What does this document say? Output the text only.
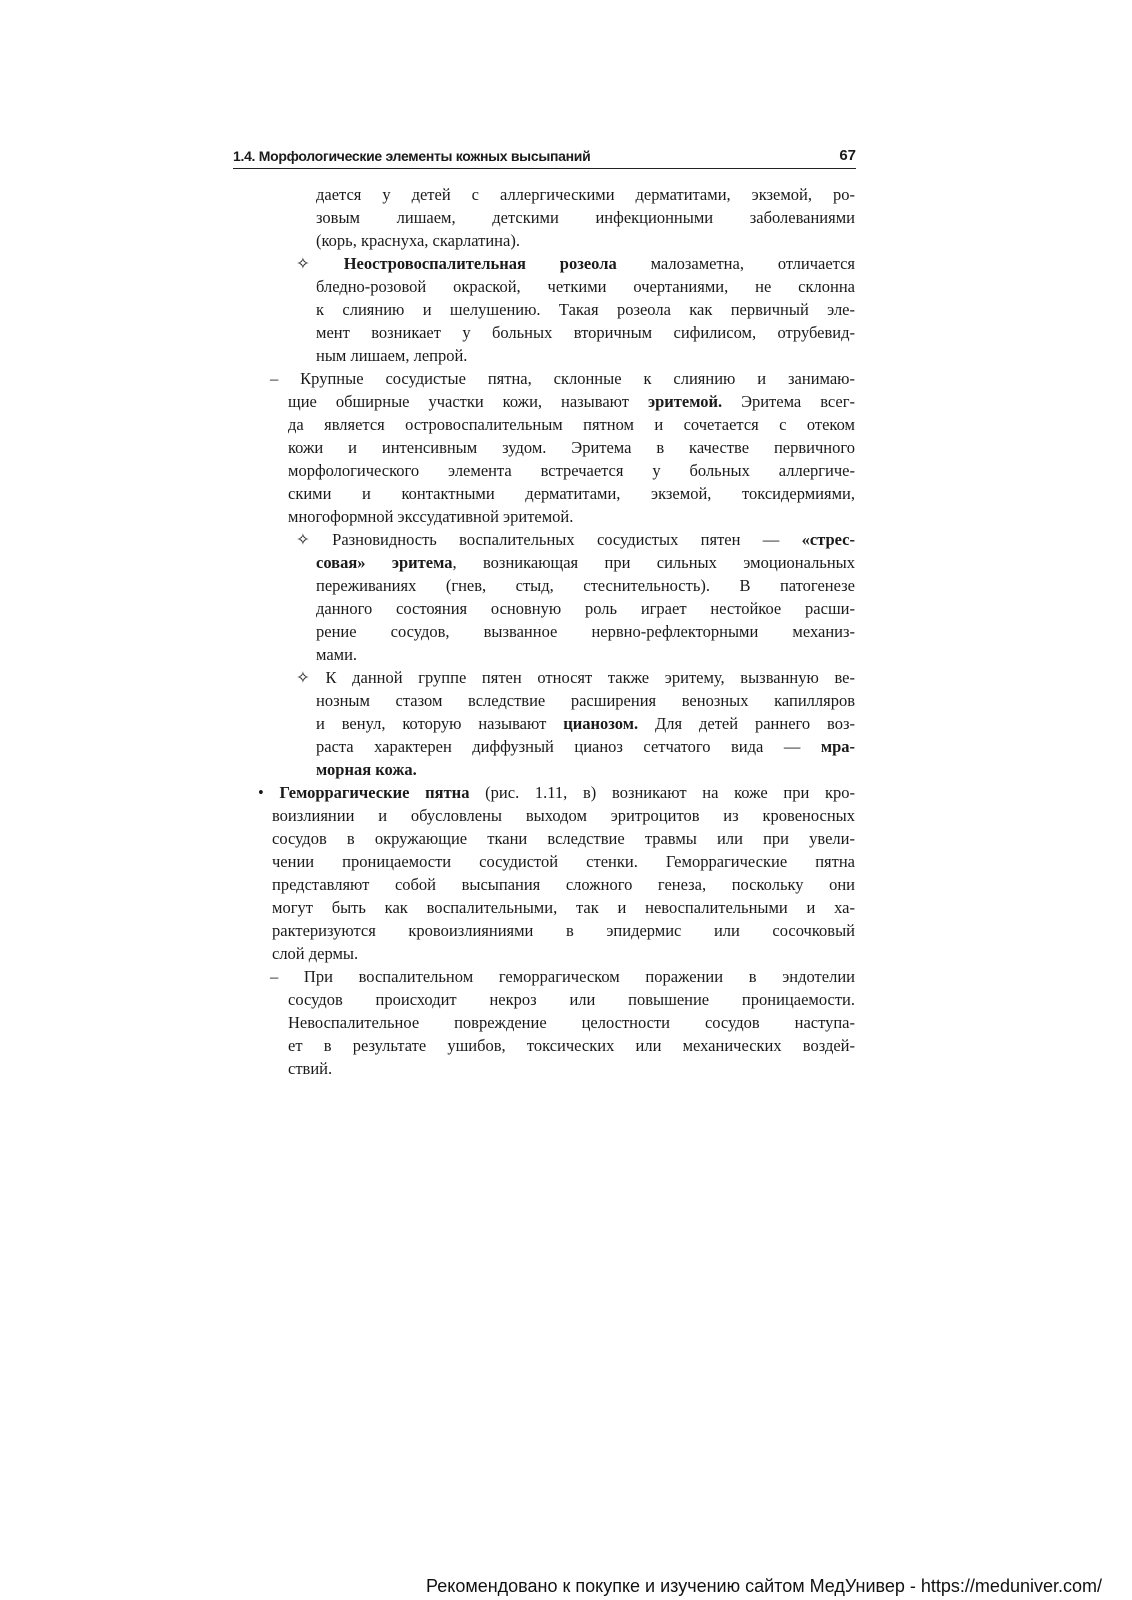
1.4. Морфологические элементы кожных высыпаний	67
дается у детей с аллергическими дерматитами, экземой, ро-
зовым лишаем, детскими инфекционными заболеваниями
(корь, краснуха, скарлатина).
✧ Неостровоспалительная розеола малозаметна, отличается
бледно-розовой окраской, четкими очертаниями, не склонна
к слиянию и шелушению. Такая розеола как первичный эле-
мент возникает у больных вторичным сифилисом, отрубевид-
ным лишаем, лепрой.
– Крупные сосудистые пятна, склонные к слиянию и занимаю-
щие обширные участки кожи, называют эритемой. Эритема всег-
да является островоспалительным пятном и сочетается с отеком
кожи и интенсивным зудом. Эритема в качестве первичного
морфологического элемента встречается у больных аллергиче-
скими и контактными дерматитами, экземой, токсидермиями,
многоформной экссудативной эритемой.
✧ Разновидность воспалительных сосудистых пятен — «стрес-
совая» эритема, возникающая при сильных эмоциональных
переживаниях (гнев, стыд, стеснительность). В патогенезе
данного состояния основную роль играет нестойкое расши-
рение сосудов, вызванное нервно-рефлекторными механиз-
мами.
✧ К данной группе пятен относят также эритему, вызванную ве-
нозным стазом вследствие расширения венозных капилляров
и венул, которую называют цианозом. Для детей раннего воз-
раста характерен диффузный цианоз сетчатого вида — мра-
морная кожа.
• Геморрагические пятна (рис. 1.11, в) возникают на коже при кро-
воизлиянии и обусловлены выходом эритроцитов из кровеносных
сосудов в окружающие ткани вследствие травмы или при увели-
чении проницаемости сосудистой стенки. Геморрагические пятна
представляют собой высыпания сложного генеза, поскольку они
могут быть как воспалительными, так и невоспалительными и ха-
рактеризуются кровоизлияниями в эпидермис или сосочковый
слой дермы.
– При воспалительном геморрагическом поражении в эндотелии
сосудов происходит некроз или повышение проницаемости.
Невоспалительное повреждение целостности сосудов наступа-
ет в результате ушибов, токсических или механических воздей-
ствий.
Рекомендовано к покупке и изучению сайтом МедУнивер - https://meduniver.com/
